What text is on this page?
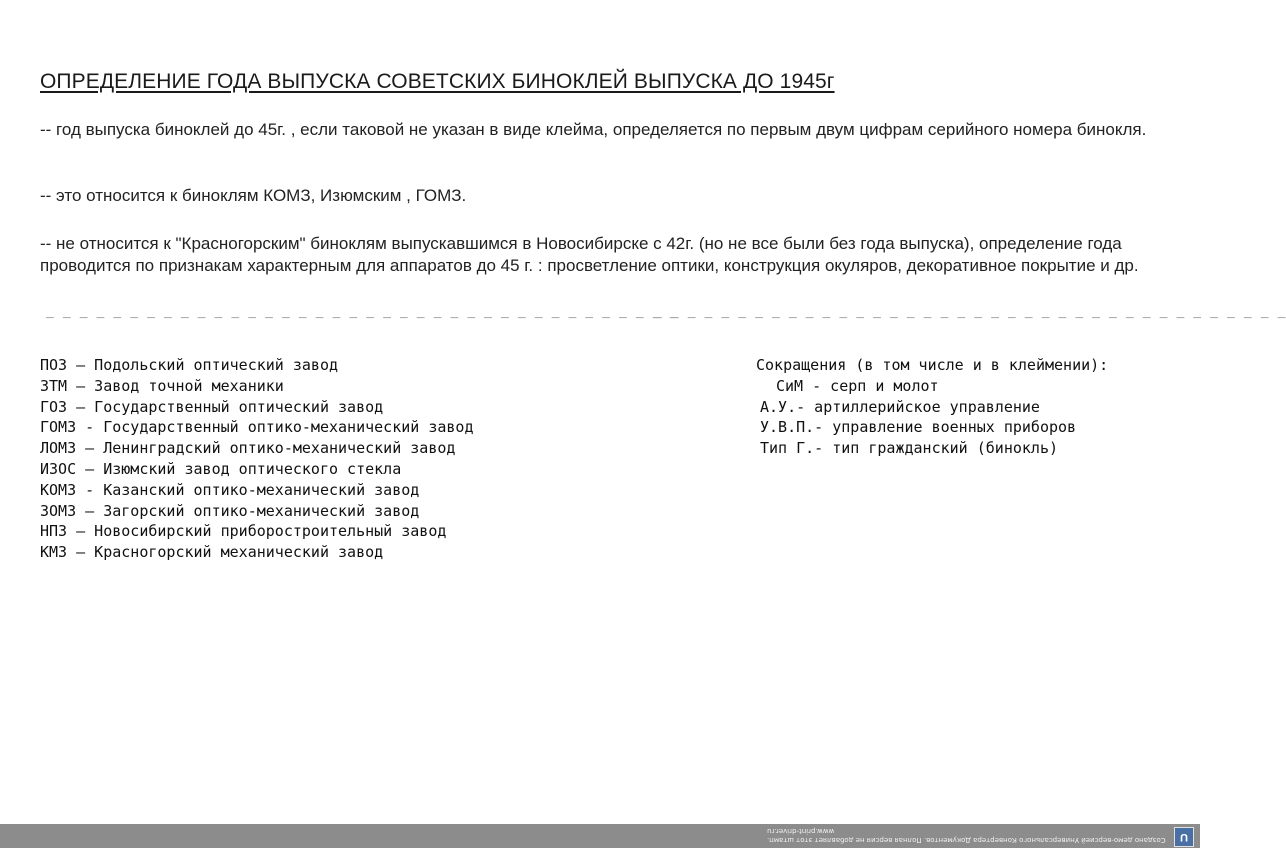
ОПРЕДЕЛЕНИЕ ГОДА ВЫПУСКА СОВЕТСКИХ БИНОКЛЕЙ ВЫПУСКА ДО 1945г
-- год выпуска биноклей до 45г. , если таковой не указан в виде клейма, определяется по первым двум цифрам серийного номера бинокля.
-- это относится к биноклям КОМЗ, Изюмским , ГОМЗ.
-- не относится к "Красногорским" биноклям выпускавшимся в Новосибирске с 42г. (но не все были без года выпуска), определение года проводится по признакам характерным для аппаратов до 45 г. : просветление оптики, конструкция окуляров, декоративное покрытие и др.
_ _ _ _ _ _ _ _ _ _ _ _ _ _ _ _ _ _ _ _ _ _ _ _ _ _ _ _ _ _ _ _ _ _ _ _ _ _
_ _ _ _ _ _ _ _ _ _ _ _ _ _ _ _ _ _ _ _ _ _ _ _ _ _ _ _ _ _ _ _ _ _ _ _ _ _
ПОЗ – Подольский оптический завод
ЗТМ – Завод точной механики
ГОЗ – Государственный оптический завод
ГОМЗ - Государственный оптико-механический завод
ЛОМЗ – Ленинградский оптико-механический завод
ИЗОС – Изюмский завод оптического стекла
КОМЗ - Казанский оптико-механический завод
ЗОМЗ – Загорский оптико-механический завод
НПЗ – Новосибирский приборостроительный завод
КМЗ – Красногорский механический завод
Сокращения (в том числе и в клеймении):
СиМ - серп и молот
А.У.- артиллерийское управление
У.В.П.- управление военных приборов
Тип Г.- тип гражданский (бинокль)
Создано демо-версией Универсального Конвертера Документов. Полная версия не добавляет этот штамп.
www.print-driver.ru	U
